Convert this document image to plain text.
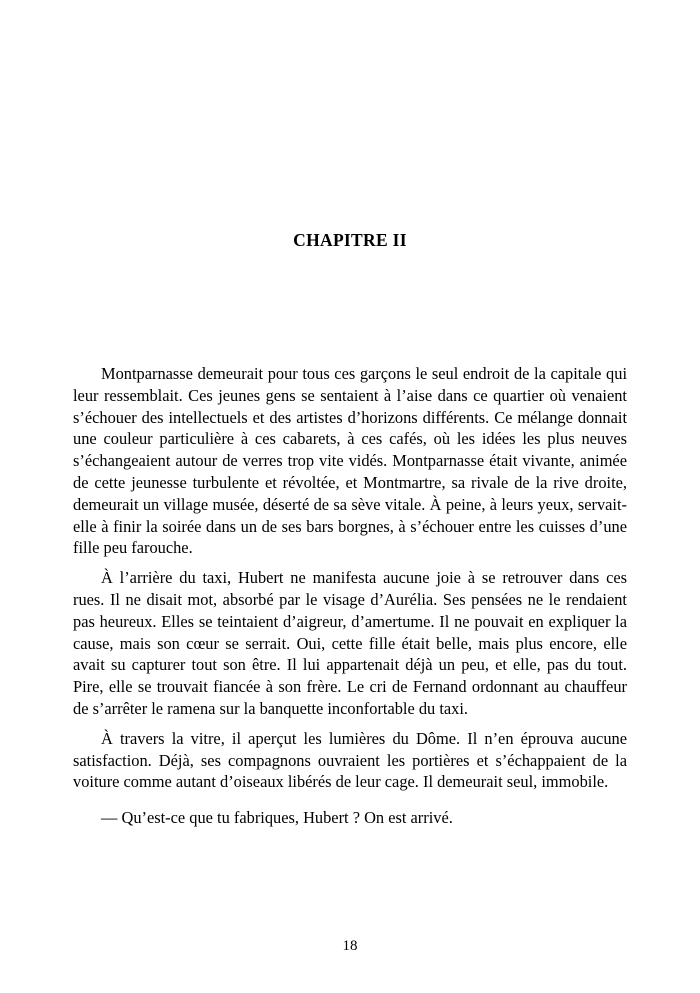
CHAPITRE II

Montparnasse demeurait pour tous ces garçons le seul endroit de la capitale qui leur ressemblait. Ces jeunes gens se sentaient à l’aise dans ce quartier où venaient s’échouer des intellectuels et des artistes d’horizons différents. Ce mélange donnait une couleur particulière à ces cabarets, à ces cafés, où les idées les plus neuves s’échangeaient autour de verres trop vite vidés. Montparnasse était vivante, animée de cette jeunesse turbulente et révoltée, et Montmartre, sa rivale de la rive droite, demeurait un village musée, déserté de sa sève vitale. À peine, à leurs yeux, servait-elle à finir la soirée dans un de ses bars borgnes, à s’échouer entre les cuisses d’une fille peu farouche.

À l’arrière du taxi, Hubert ne manifesta aucune joie à se retrouver dans ces rues. Il ne disait mot, absorbé par le visage d’Aurélia. Ses pensées ne le rendaient pas heureux. Elles se teintaient d’aigreur, d’amertume. Il ne pouvait en expliquer la cause, mais son cœur se serrait. Oui, cette fille était belle, mais plus encore, elle avait su capturer tout son être. Il lui appartenait déjà un peu, et elle, pas du tout. Pire, elle se trouvait fiancée à son frère. Le cri de Fernand ordonnant au chauffeur de s’arrêter le ramena sur la banquette inconfortable du taxi.

À travers la vitre, il aperçut les lumières du Dôme. Il n’en éprouva aucune satisfaction. Déjà, ses compagnons ouvraient les portières et s’échappaient de la voiture comme autant d’oiseaux libérés de leur cage. Il demeurait seul, immobile.

— Qu’est-ce que tu fabriques, Hubert ? On est arrivé.

18
